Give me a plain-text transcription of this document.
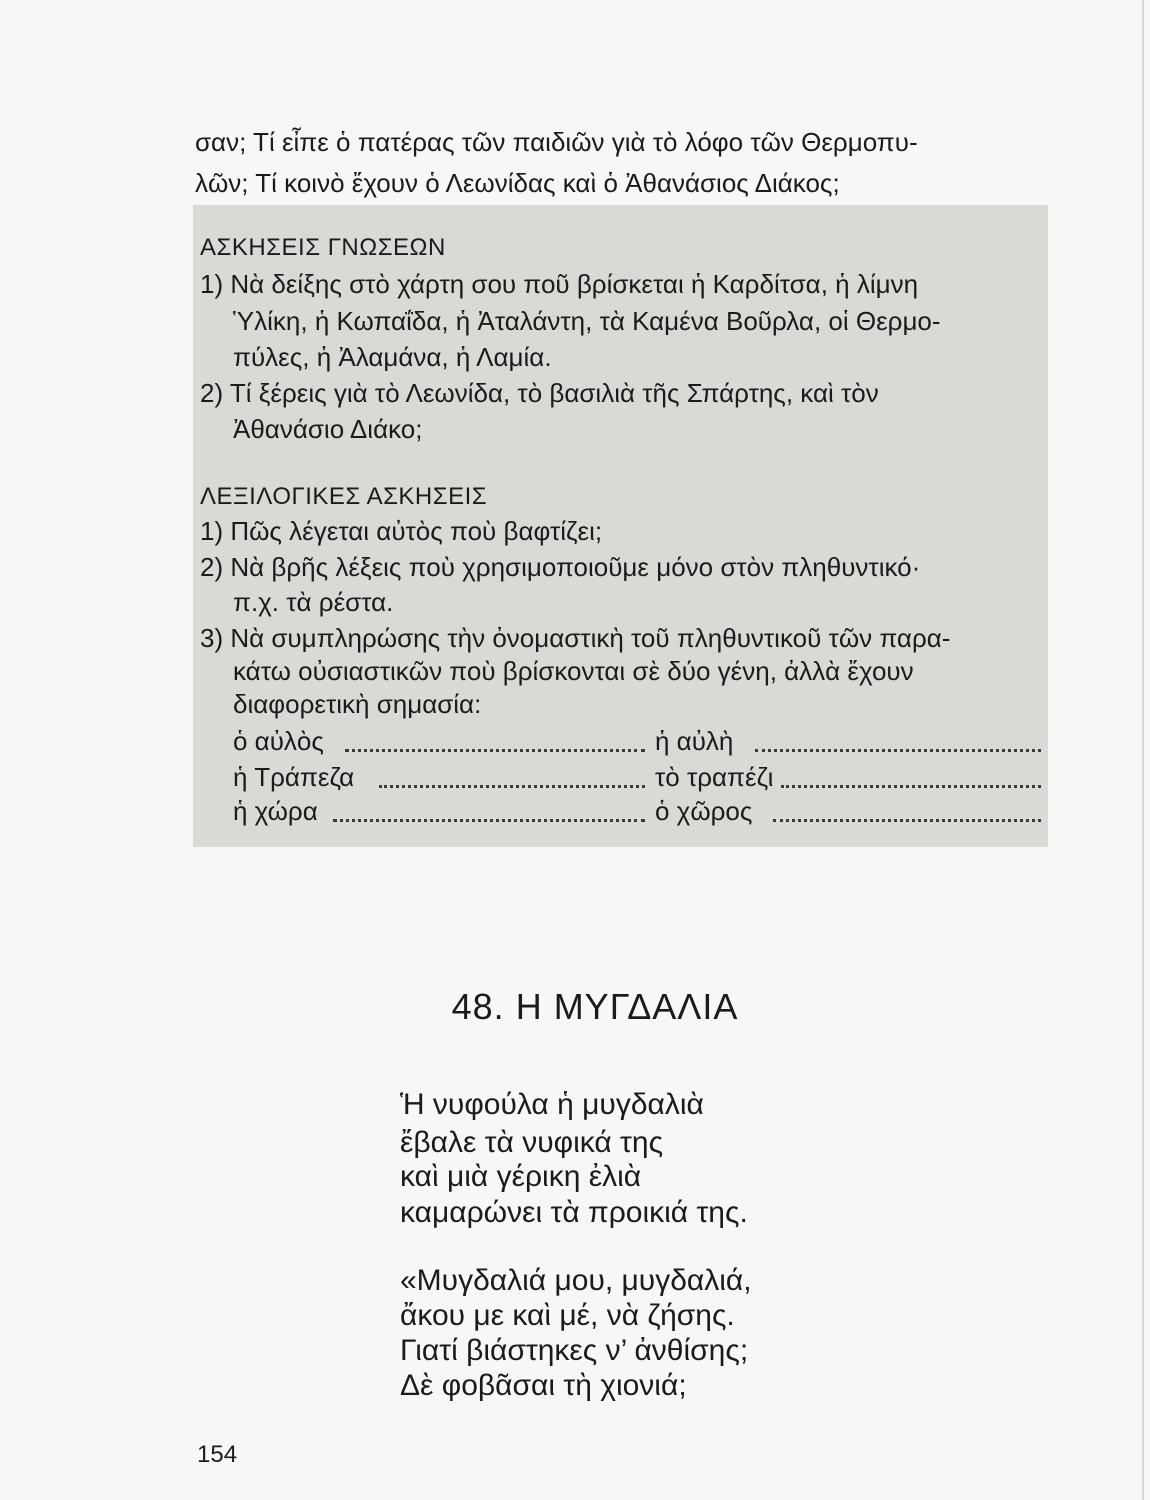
σαν; Τί εἶπε ὁ πατέρας τῶν παιδιῶν γιὰ τὸ λόφο τῶν Θερμοπυ-
λῶν; Τί κοινὸ ἔχουν ὁ Λεωνίδας καὶ ὁ Ἀθανάσιος Διάκος;
ΑΣΚΗΣΕΙΣ ΓΝΩΣΕΩΝ
1) Νὰ δείξης στὸ χάρτη σου ποῦ βρίσκεται ἡ Καρδίτσα, ἡ λίμνη
Ὑλίκη, ἡ Κωπαΐδα, ἡ Ἀταλάντη, τὰ Καμένα Βοῦρλα, οἱ Θερμο-
πύλες, ἡ Ἀλαμάνα, ἡ Λαμία.
2) Τί ξέρεις γιὰ τὸ Λεωνίδα, τὸ βασιλιὰ τῆς Σπάρτης, καὶ τὸν
Ἀθανάσιο Διάκο;
ΛΕΞΙΛΟΓΙΚΕΣ ΑΣΚΗΣΕΙΣ
1) Πῶς λέγεται αὐτὸς ποὺ βαφτίζει;
2) Νὰ βρῆς λέξεις ποὺ χρησιμοποιοῦμε μόνο στὸν πληθυντικό·
π.χ. τὰ ρέστα.
3) Νὰ συμπληρώσης τὴν ὀνομαστικὴ τοῦ πληθυντικοῦ τῶν παρα-
κάτω οὐσιαστικῶν ποὺ βρίσκονται σὲ δύο γένη, ἀλλὰ ἔχουν
διαφορετικὴ σημασία:
ὁ αὐλὸς	ἡ αὐλὴ
ἡ Τράπεζα	τὸ τραπέζι
ἡ χώρα	ὁ χῶρος
48. Η ΜΥΓΔΑΛΙΑ
Ἡ νυφούλα ἡ μυγδαλιὰ
ἔβαλε τὰ νυφικά της
καὶ μιὰ γέρικη ἐλιὰ
καμαρώνει τὰ προικιά της.
«Μυγδαλιά μου, μυγδαλιά,
ἄκου με καὶ μέ, νὰ ζήσης.
Γιατί βιάστηκες ν’ ἀνθίσης;
Δὲ φοβᾶσαι τὴ χιονιά;
154
